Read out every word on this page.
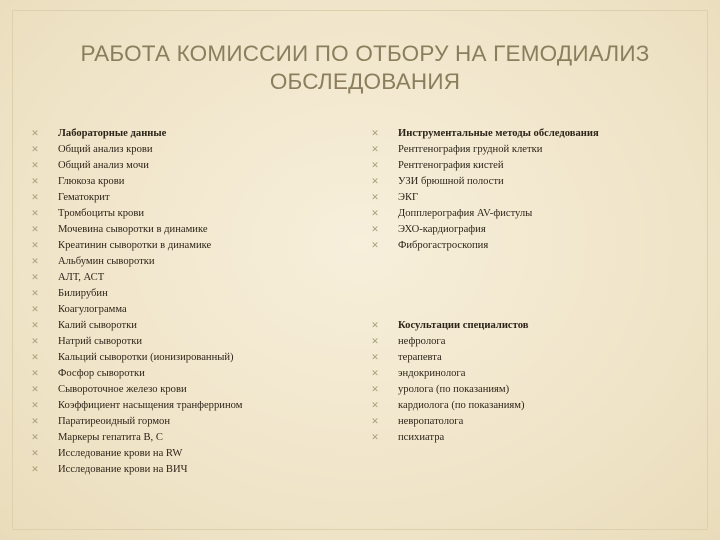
РАБОТА КОМИССИИ ПО ОТБОРУ НА ГЕМОДИАЛИЗ
ОБСЛЕДОВАНИЯ
✕ Лабораторные данные
✕ Общий анализ крови
✕ Общий анализ мочи
✕ Глюкоза крови
✕ Гематокрит
✕ Тромбоциты крови
✕ Мочевина сыворотки в динамике
✕ Креатинин сыворотки в динамике
✕ Альбумин сыворотки
✕ АЛТ, АСТ
✕ Билирубин
✕ Коагулограмма
✕ Калий сыворотки
✕ Натрий сыворотки
✕ Кальций сыворотки (ионизированный)
✕ Фосфор сыворотки
✕ Сывороточное железо крови
✕ Коэффициент насыщения транферрином
✕ Паратиреоидный гормон
✕ Маркеры гепатита B, C
✕ Исследование крови на RW
✕ Исследование крови на ВИЧ
✕ Инструментальные методы обследования
✕ Рентгенография грудной клетки
✕ Рентгенография кистей
✕ УЗИ брюшной полости
✕ ЭКГ
✕ Допплерография AV-фистулы
✕ ЭХО-кардиография
✕ Фиброгастроскопия
✕ Косультации специалистов
✕ нефролога
✕ терапевта
✕ эндокринолога
✕ уролога (по показаниям)
✕ кардиолога (по показаниям)
✕ невропатолога
✕ психиатра
